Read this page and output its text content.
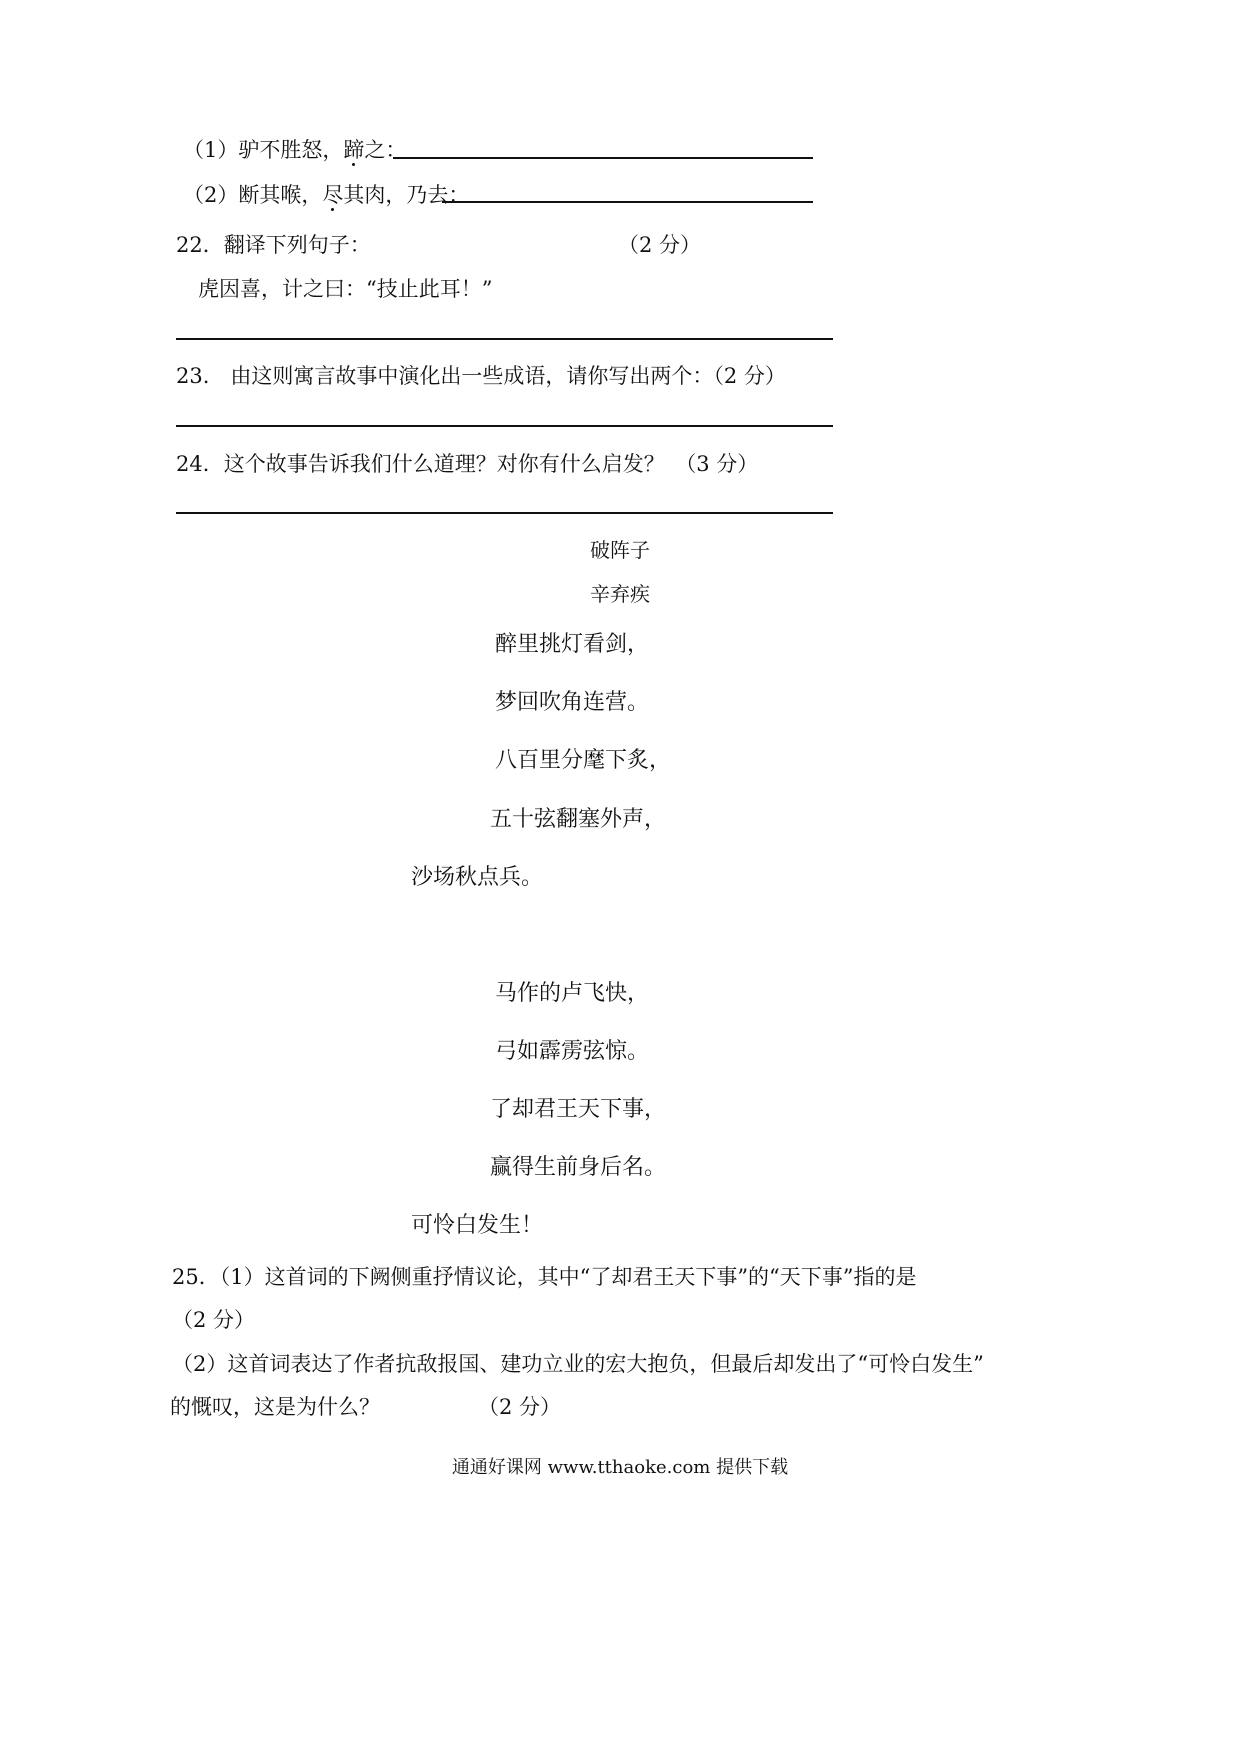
（1）驴不胜怒，蹄之：
（2）断其喉，尽其肉，乃去：
22．翻译下列句子：	（2 分）
虎因喜，计之曰：“技止此耳！”
23.　由这则寓言故事中演化出一些成语，请你写出两个：（2 分）
24．这个故事告诉我们什么道理？对你有什么启发？　（3 分）
破阵子
辛弃疾
醉里挑灯看剑，
梦回吹角连营。
八百里分麾下炙，
五十弦翻塞外声，
沙场秋点兵。
马作的卢飞快，
弓如霹雳弦惊。
了却君王天下事，
赢得生前身后名。
可怜白发生！
25．（1）这首词的下阙侧重抒情议论，其中“了却君王天下事”的“天下事”指的是
（2 分）
（2）这首词表达了作者抗敌报国、建功立业的宏大抱负，但最后却发出了“可怜白发生”
的慨叹，这是为什么？	（2 分）
通通好课网 www.tthaoke.com 提供下载
